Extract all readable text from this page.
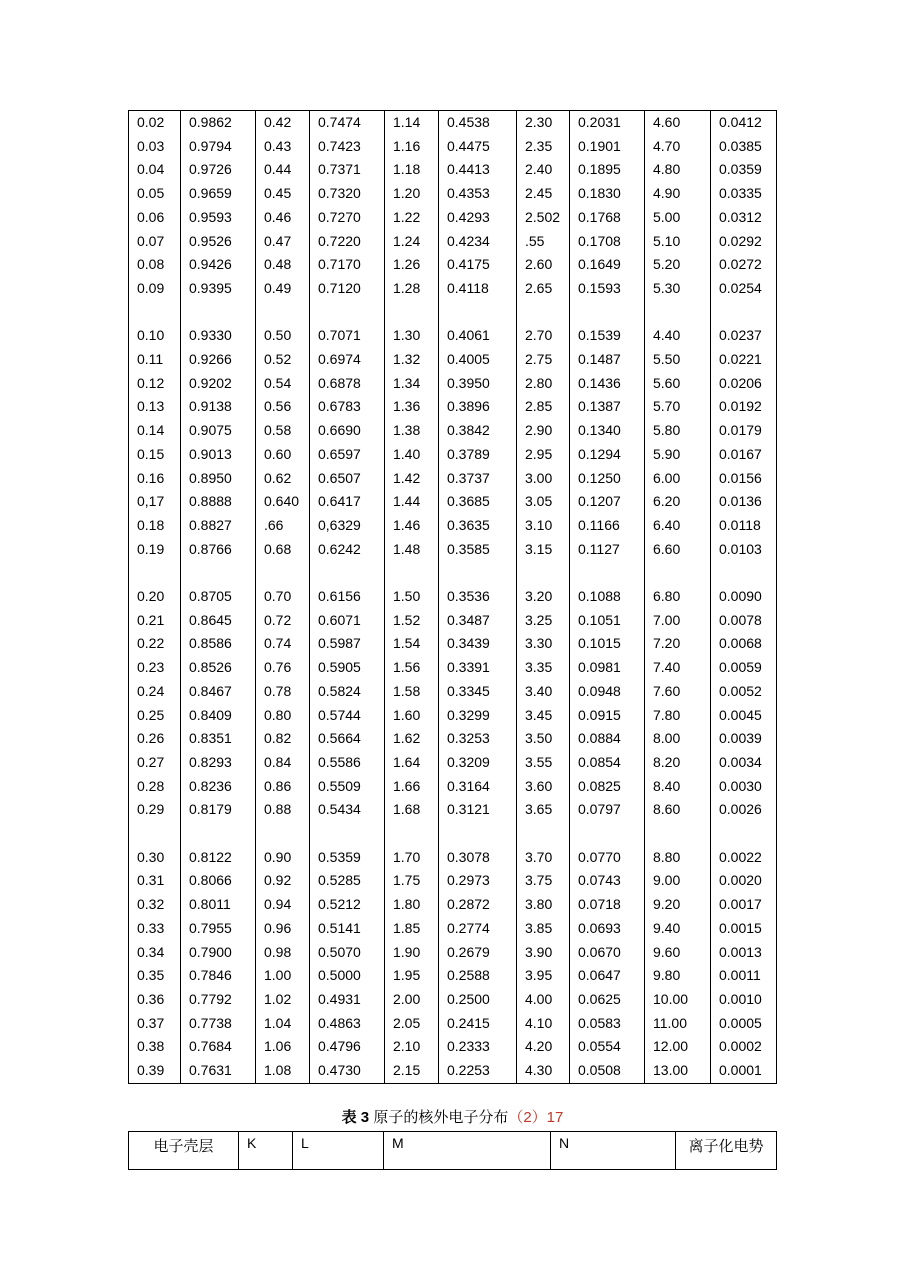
0.02	0.9862	0.42	0.7474	1.14	0.4538	2.30	0.2031	4.60	0.0412
0.03	0.9794	0.43	0.7423	1.16	0.4475	2.35	0.1901	4.70	0.0385
0.04	0.9726	0.44	0.7371	1.18	0.4413	2.40	0.1895	4.80	0.0359
0.05	0.9659	0.45	0.7320	1.20	0.4353	2.45	0.1830	4.90	0.0335
0.06	0.9593	0.46	0.7270	1.22	0.4293	2.502	0.1768	5.00	0.0312
0.07	0.9526	0.47	0.7220	1.24	0.4234	.55	0.1708	5.10	0.0292
0.08	0.9426	0.48	0.7170	1.26	0.4175	2.60	0.1649	5.20	0.0272
0.09	0.9395	0.49	0.7120	1.28	0.4118	2.65	0.1593	5.30	0.0254

0.10	0.9330	0.50	0.7071	1.30	0.4061	2.70	0.1539	4.40	0.0237
0.11	0.9266	0.52	0.6974	1.32	0.4005	2.75	0.1487	5.50	0.0221
0.12	0.9202	0.54	0.6878	1.34	0.3950	2.80	0.1436	5.60	0.0206
0.13	0.9138	0.56	0.6783	1.36	0.3896	2.85	0.1387	5.70	0.0192
0.14	0.9075	0.58	0.6690	1.38	0.3842	2.90	0.1340	5.80	0.0179
0.15	0.9013	0.60	0.6597	1.40	0.3789	2.95	0.1294	5.90	0.0167
0.16	0.8950	0.62	0.6507	1.42	0.3737	3.00	0.1250	6.00	0.0156
0,17	0.8888	0.640	0.6417	1.44	0.3685	3.05	0.1207	6.20	0.0136
0.18	0.8827	.66	0,6329	1.46	0.3635	3.10	0.1166	6.40	0.0118
0.19	0.8766	0.68	0.6242	1.48	0.3585	3.15	0.1127	6.60	0.0103

0.20	0.8705	0.70	0.6156	1.50	0.3536	3.20	0.1088	6.80	0.0090
0.21	0.8645	0.72	0.6071	1.52	0.3487	3.25	0.1051	7.00	0.0078
0.22	0.8586	0.74	0.5987	1.54	0.3439	3.30	0.1015	7.20	0.0068
0.23	0.8526	0.76	0.5905	1.56	0.3391	3.35	0.0981	7.40	0.0059
0.24	0.8467	0.78	0.5824	1.58	0.3345	3.40	0.0948	7.60	0.0052
0.25	0.8409	0.80	0.5744	1.60	0.3299	3.45	0.0915	7.80	0.0045
0.26	0.8351	0.82	0.5664	1.62	0.3253	3.50	0.0884	8.00	0.0039
0.27	0.8293	0.84	0.5586	1.64	0.3209	3.55	0.0854	8.20	0.0034
0.28	0.8236	0.86	0.5509	1.66	0.3164	3.60	0.0825	8.40	0.0030
0.29	0.8179	0.88	0.5434	1.68	0.3121	3.65	0.0797	8.60	0.0026

0.30	0.8122	0.90	0.5359	1.70	0.3078	3.70	0.0770	8.80	0.0022
0.31	0.8066	0.92	0.5285	1.75	0.2973	3.75	0.0743	9.00	0.0020
0.32	0.8011	0.94	0.5212	1.80	0.2872	3.80	0.0718	9.20	0.0017
0.33	0.7955	0.96	0.5141	1.85	0.2774	3.85	0.0693	9.40	0.0015
0.34	0.7900	0.98	0.5070	1.90	0.2679	3.90	0.0670	9.60	0.0013
0.35	0.7846	1.00	0.5000	1.95	0.2588	3.95	0.0647	9.80	0.0011
0.36	0.7792	1.02	0.4931	2.00	0.2500	4.00	0.0625	10.00	0.0010
0.37	0.7738	1.04	0.4863	2.05	0.2415	4.10	0.0583	11.00	0.0005
0.38	0.7684	1.06	0.4796	2.10	0.2333	4.20	0.0554	12.00	0.0002
0.39	0.7631	1.08	0.4730	2.15	0.2253	4.30	0.0508	13.00	0.0001
表 3 原子的核外电子分布（2）17
电子壳层	K	L	M	N	离子化电势
